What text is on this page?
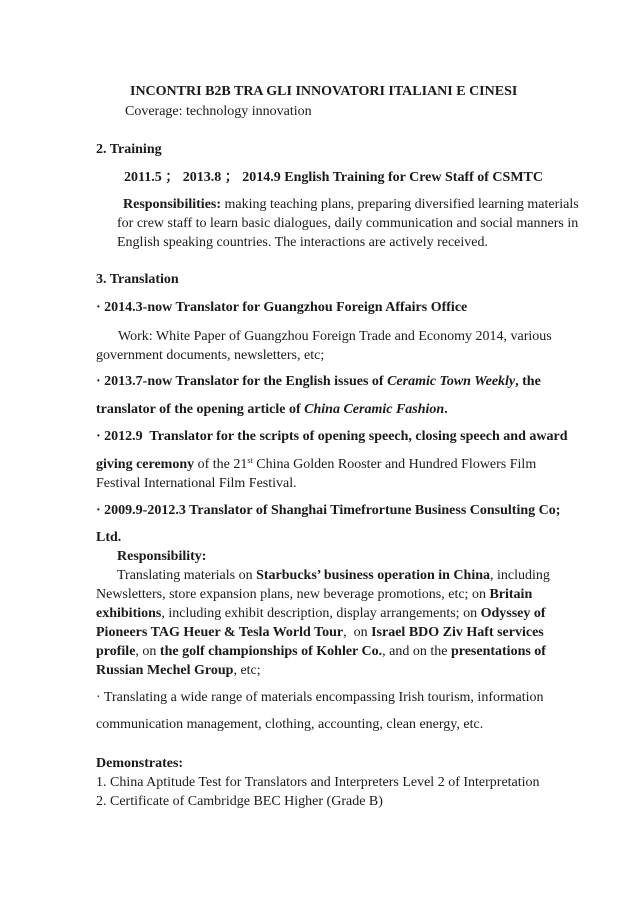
INCONTRI B2B TRA GLI INNOVATORI ITALIANI E CINESI
Coverage: technology innovation
2. Training
2011.5 ； 2013.8 ； 2014.9 English Training for Crew Staff of CSMTC
Responsibilities: making teaching plans, preparing diversified learning materials
for crew staff to learn basic dialogues, daily communication and social manners in
English speaking countries. The interactions are actively received.
3. Translation
· 2014.3-now Translator for Guangzhou Foreign Affairs Office
Work: White Paper of Guangzhou Foreign Trade and Economy 2014, various
government documents, newsletters, etc;
· 2013.7-now Translator for the English issues of Ceramic Town Weekly, the
translator of the opening article of China Ceramic Fashion.
· 2012.9  Translator for the scripts of opening speech, closing speech and award
giving ceremony of the 21st China Golden Rooster and Hundred Flowers Film
Festival International Film Festival.
· 2009.9-2012.3 Translator of Shanghai Timefrortune Business Consulting Co;
Ltd.
Responsibility:
Translating materials on Starbucks’ business operation in China, including
Newsletters, store expansion plans, new beverage promotions, etc; on Britain
exhibitions, including exhibit description, display arrangements; on Odyssey of
Pioneers TAG Heuer & Tesla World Tour,  on Israel BDO Ziv Haft services
profile, on the golf championships of Kohler Co., and on the presentations of
Russian Mechel Group, etc;
· Translating a wide range of materials encompassing Irish tourism, information
communication management, clothing, accounting, clean energy, etc.
Demonstrates:
1. China Aptitude Test for Translators and Interpreters Level 2 of Interpretation
2. Certificate of Cambridge BEC Higher (Grade B)
